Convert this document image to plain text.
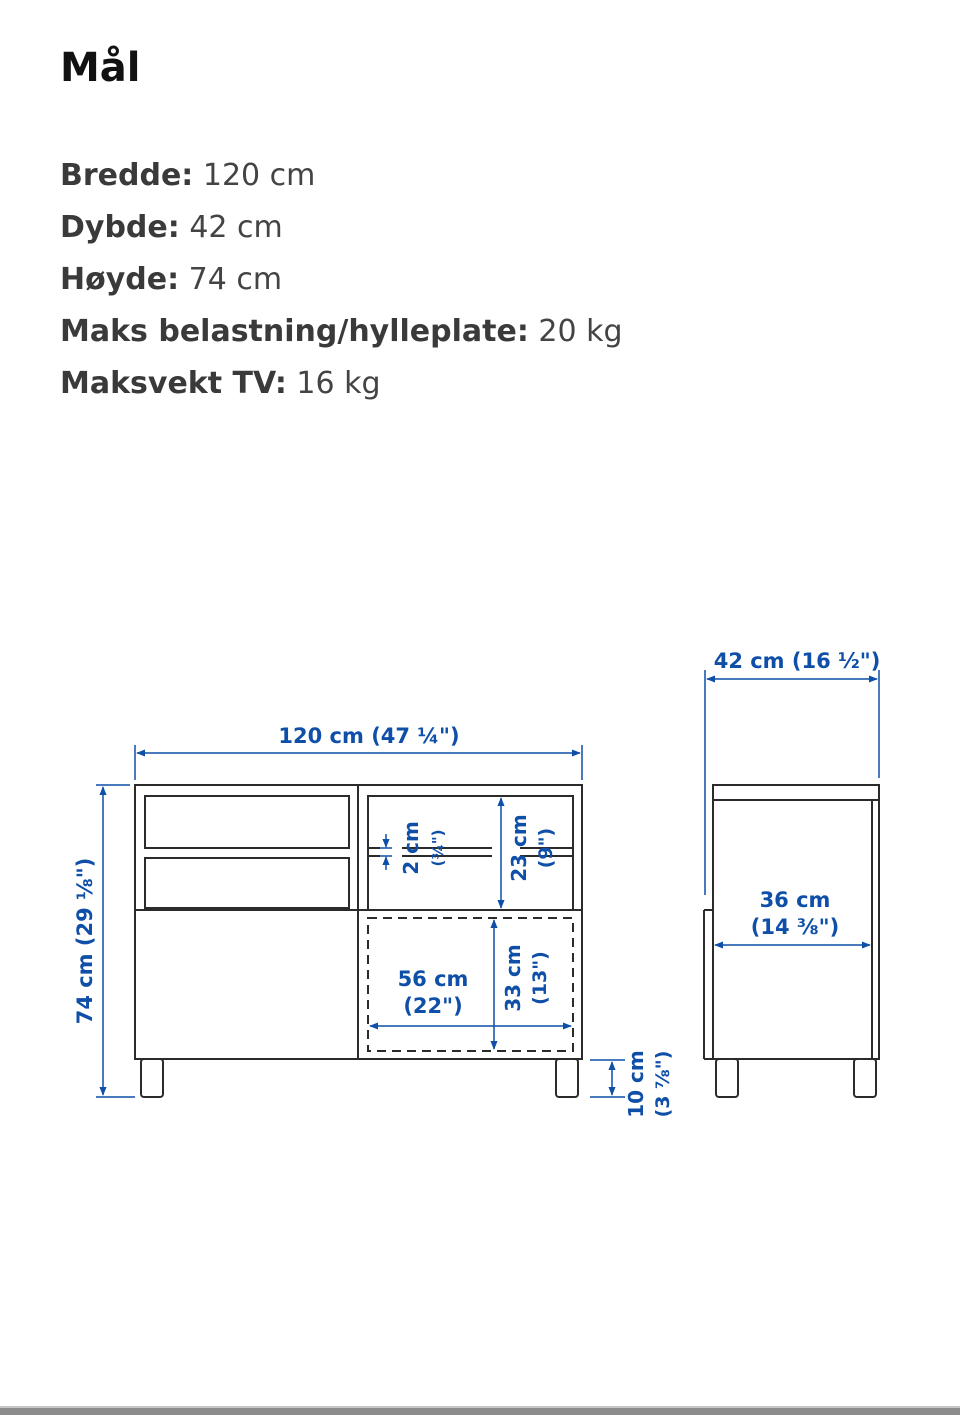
Mål
Bredde: 120 cm
Dybde: 42 cm
Høyde: 74 cm
Maks belastning/hylleplate: 20 kg
Maksvekt TV: 16 kg
120 cm (47 ¼")
74 cm (29 ⅛")
2 cm (¾")	23 cm (9")
33 cm (13")
56 cm
(22")
10 cm (3 ⅞")
42 cm (16 ½")
36 cm
(14 ⅜")
